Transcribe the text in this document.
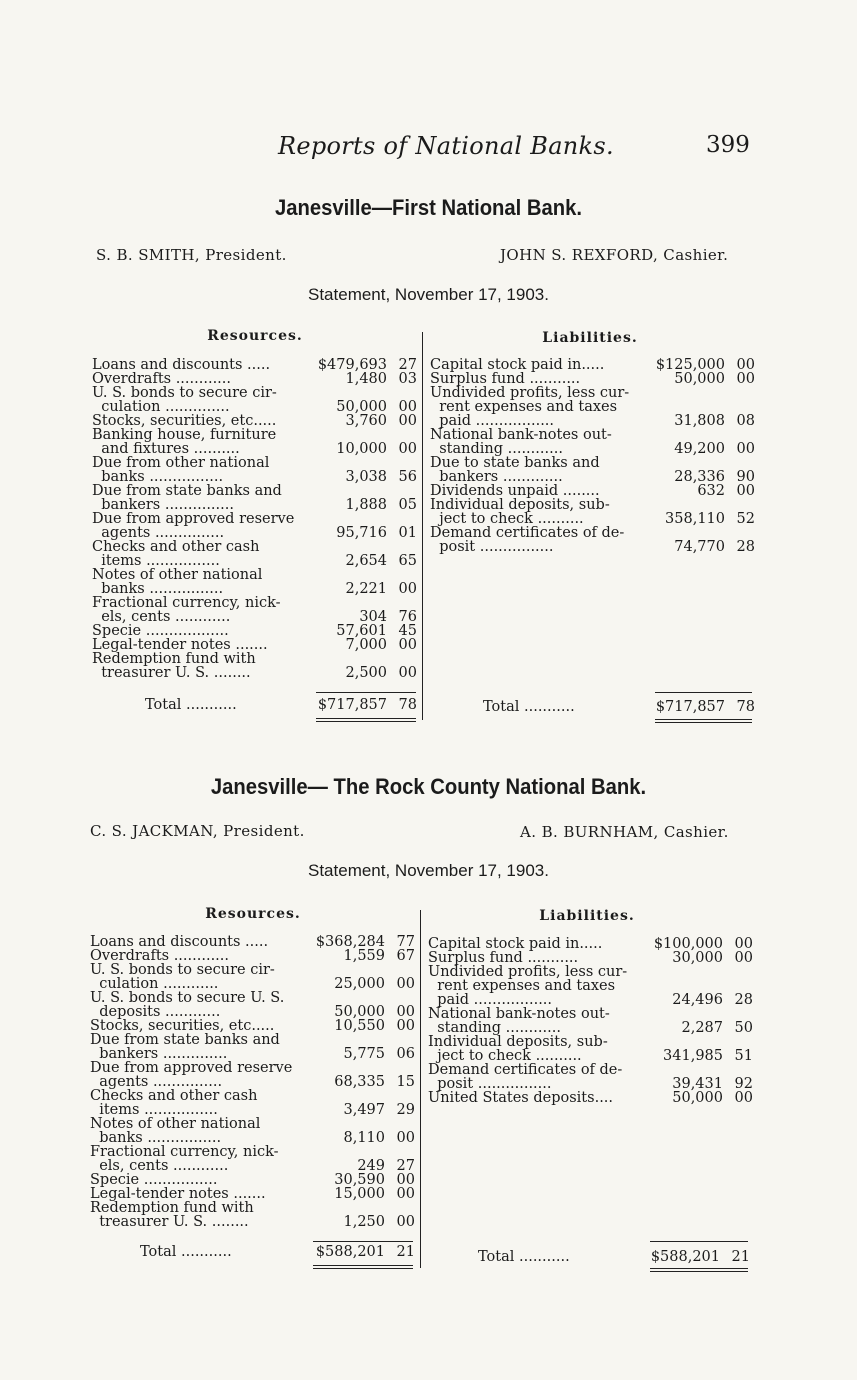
Reports of National Banks.	399
Janesville—First National Bank.
S. B. SMITH, President.	JOHN S. REXFORD, Cashier.
Statement, November 17, 1903.
Resources.	Liabilities.
Loans and discounts .....	$479,693 27
Overdrafts ............	1,480 03
U. S. bonds to secure cir-
culation ..............	50,000 00
Stocks, securities, etc.....	3,760 00
Banking house, furniture
and fixtures ..........	10,000 00
Due from other national
banks ................	3,038 56
Due from state banks and
bankers ...............	1,888 05
Due from approved reserve
agents ...............	95,716 01
Checks and other cash
items ................	2,654 65
Notes of other national
banks ................	2,221 00
Fractional currency, nick-
els, cents ............	304 76
Specie ..................	57,601 45
Legal-tender notes .......	7,000 00
Redemption fund with
treasurer U. S. ........	2,500 00
Capital stock paid in.....	$125,000 00
Surplus fund ...........	50,000 00
Undivided profits, less cur-
rent expenses and taxes
paid .................	31,808 08
National bank-notes out-
standing ............	49,200 00
Due to state banks and
bankers .............	28,336 90
Dividends unpaid ........	632 00
Individual deposits, sub-
ject to check ..........	358,110 52
Demand certificates of de-
posit ................	74,770 28
Total ...........	$717,857 78	Total ...........	$717,857 78
Janesville— The Rock County National Bank.
C. S. JACKMAN, President.	A. B. BURNHAM, Cashier.
Statement, November 17, 1903.
Resources.	Liabilities.
Loans and discounts .....	$368,284 77
Overdrafts ............	1,559 67
U. S. bonds to secure cir-
culation ............	25,000 00
U. S. bonds to secure U. S.
deposits ............	50,000 00
Stocks, securities, etc.....	10,550 00
Due from state banks and
bankers ..............	5,775 06
Due from approved reserve
agents ...............	68,335 15
Checks and other cash
items ................	3,497 29
Notes of other national
banks ................	8,110 00
Fractional currency, nick-
els, cents ............	249 27
Specie ................	30,590 00
Legal-tender notes .......	15,000 00
Redemption fund with
treasurer U. S. ........	1,250 00
Capital stock paid in.....	$100,000 00
Surplus fund ...........	30,000 00
Undivided profits, less cur-
rent expenses and taxes
paid .................	24,496 28
National bank-notes out-
standing ............	2,287 50
Individual deposits, sub-
ject to check ..........	341,985 51
Demand certificates of de-
posit ................	39,431 92
United States deposits....	50,000 00
Total ...........	$588,201 21	Total ...........	$588,201 21
